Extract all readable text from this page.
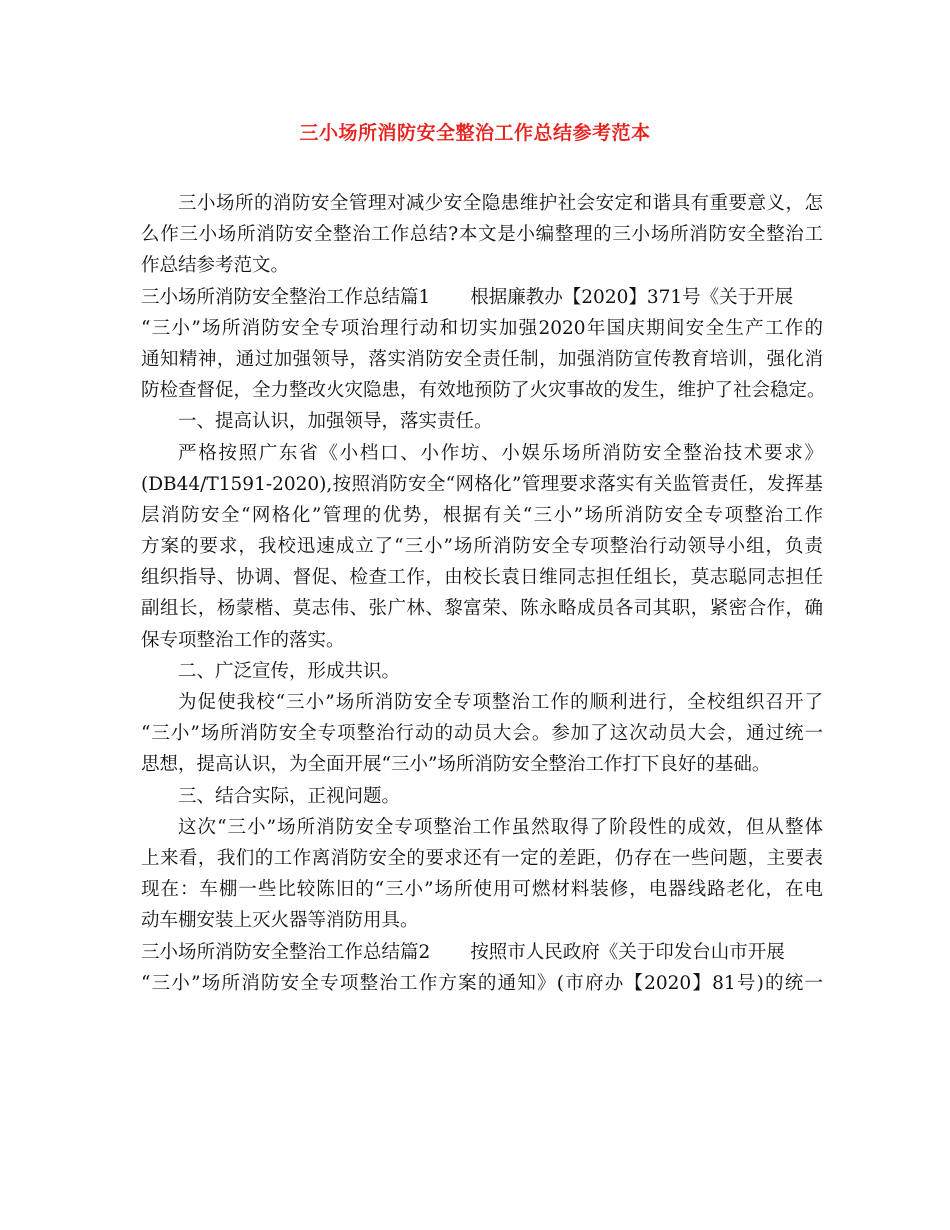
三小场所消防安全整治工作总结参考范本
三小场所的消防安全管理对减少安全隐患维护社会安定和谐具有重要意义，怎
么作三小场所消防安全整治工作总结?本文是小编整理的三小场所消防安全整治工
作总结参考范文。
三小场所消防安全整治工作总结篇1 根据廉教办【2020】371号《关于开展
“三小”场所消防安全专项治理行动和切实加强2020年国庆期间安全生产工作的
通知精神，通过加强领导，落实消防安全责任制，加强消防宣传教育培训，强化消
防检查督促，全力整改火灾隐患，有效地预防了火灾事故的发生，维护了社会稳定。
一、提高认识，加强领导，落实责任。
严格按照广东省《小档口、小作坊、小娱乐场所消防安全整治技术要求》
(DB44/T1591-2020),按照消防安全“网格化”管理要求落实有关监管责任，发挥基
层消防安全“网格化”管理的优势，根据有关“三小”场所消防安全专项整治工作
方案的要求，我校迅速成立了“三小”场所消防安全专项整治行动领导小组，负责
组织指导、协调、督促、检查工作，由校长袁日维同志担任组长，莫志聪同志担任
副组长，杨蒙楷、莫志伟、张广林、黎富荣、陈永略成员各司其职，紧密合作，确
保专项整治工作的落实。
二、广泛宣传，形成共识。
为促使我校“三小”场所消防安全专项整治工作的顺利进行，全校组织召开了
“三小”场所消防安全专项整治行动的动员大会。参加了这次动员大会，通过统一
思想，提高认识，为全面开展“三小”场所消防安全整治工作打下良好的基础。
三、结合实际，正视问题。
这次“三小”场所消防安全专项整治工作虽然取得了阶段性的成效，但从整体
上来看，我们的工作离消防安全的要求还有一定的差距，仍存在一些问题，主要表
现在：车棚一些比较陈旧的“三小”场所使用可燃材料装修，电器线路老化，在电
动车棚安装上灭火器等消防用具。
三小场所消防安全整治工作总结篇2 按照市人民政府《关于印发台山市开展
“三小”场所消防安全专项整治工作方案的通知》(市府办【2020】81号)的统一
